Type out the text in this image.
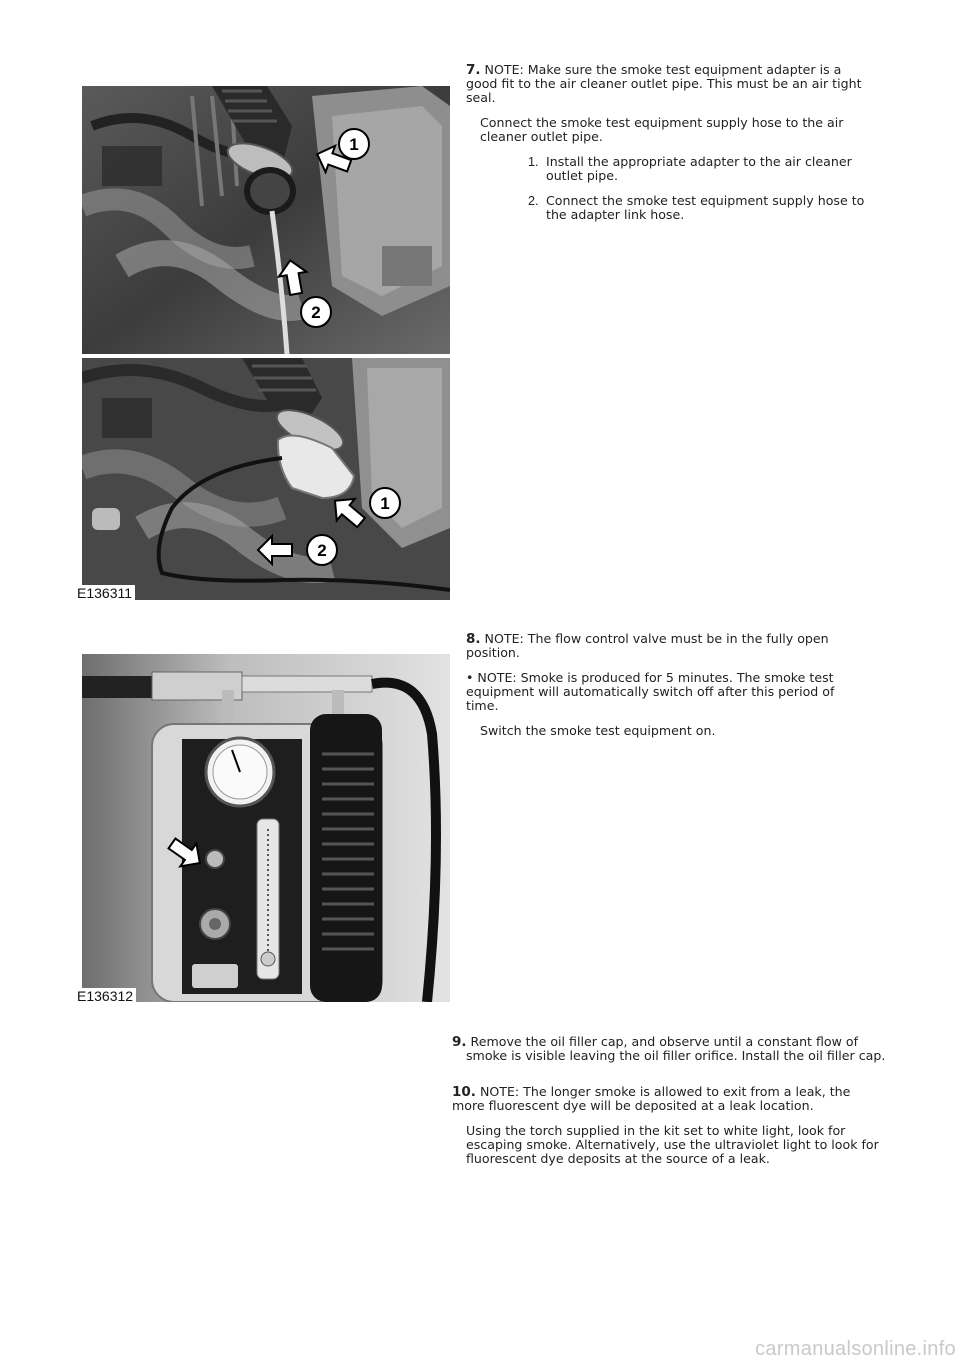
1
2
1
2
E136311
E136312

7. NOTE: Make sure the smoke test equipment adapter is a good fit to the air cleaner outlet pipe. This must be an air tight seal.

Connect the smoke test equipment supply hose to the air cleaner outlet pipe.

1. Install the appropriate adapter to the air cleaner outlet pipe.

2. Connect the smoke test equipment supply hose to the adapter link hose.

8. NOTE: The flow control valve must be in the fully open position.

• NOTE: Smoke is produced for 5 minutes. The smoke test equipment will automatically switch off after this period of time.

Switch the smoke test equipment on.

9. Remove the oil filler cap, and observe until a constant flow of smoke is visible leaving the oil filler orifice. Install the oil filler cap.

10. NOTE: The longer smoke is allowed to exit from a leak, the more fluorescent dye will be deposited at a leak location.

Using the torch supplied in the kit set to white light, look for escaping smoke. Alternatively, use the ultraviolet light to look for fluorescent dye deposits at the source of a leak.

carmanualsonline.info
